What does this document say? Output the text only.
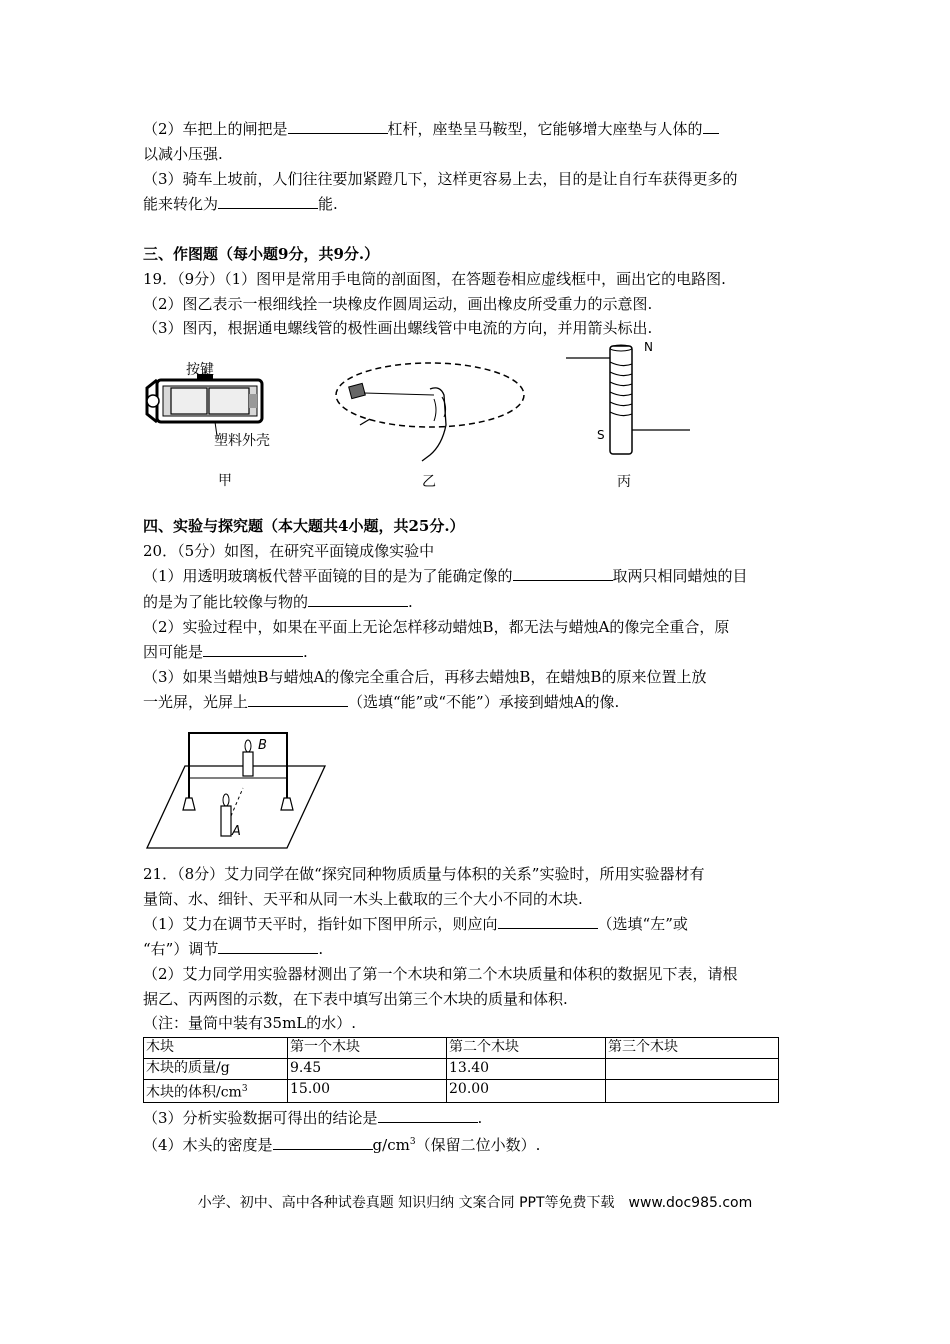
（2）车把上的闸把是	杠杆，座垫呈马鞍型，它能够增大座垫与人体的
以减小压强.
（3）骑车上坡前，人们往往要加紧蹬几下，这样更容易上去，目的是让自行车获得更多的
能来转化为	能.
三、作图题（每小题9分，共9分.）
19．（9分）（1）图甲是常用手电筒的剖面图，在答题卷相应虚线框中，画出它的电路图.
（2）图乙表示一根细线拴一块橡皮作圆周运动，画出橡皮所受重力的示意图.
（3）图丙，根据通电螺线管的极性画出螺线管中电流的方向，并用箭头标出.
按键
塑料外壳
N
S
甲	乙	丙
四、实验与探究题（本大题共4小题，共25分.）
20．（5分）如图，在研究平面镜成像实验中
（1）用透明玻璃板代替平面镜的目的是为了能确定像的	取两只相同蜡烛的目
的是为了能比较像与物的	.
（2）实验过程中，如果在平面上无论怎样移动蜡烛B，都无法与蜡烛A的像完全重合，原
因可能是	.
（3）如果当蜡烛B与蜡烛A的像完全重合后，再移去蜡烛B，在蜡烛B的原来位置上放
一光屏，光屏上	（选填“能”或“不能”）承接到蜡烛A的像.
B
A
21．（8分）艾力同学在做“探究同种物质质量与体积的关系”实验时，所用实验器材有
量筒、水、细针、天平和从同一木头上截取的三个大小不同的木块.
（1）艾力在调节天平时，指针如下图甲所示，则应向	（选填“左”或
“右”）调节	.
（2）艾力同学用实验器材测出了第一个木块和第二个木块质量和体积的数据见下表，请根
据乙、丙两图的示数，在下表中填写出第三个木块的质量和体积.
（注：量筒中装有35mL的水）.
木块	第一个木块	第二个木块	第三个木块
木块的质量/g	9.45	13.40	
木块的体积$/cm^3$	15.00	20.00	
（3）分析实验数据可得出的结论是	.
（4）木头的密度是	$g/cm^3$（保留二位小数）.
小学、初中、高中各种试卷真题 知识归纳 文案合同 PPT等免费下载　www.doc985.com
